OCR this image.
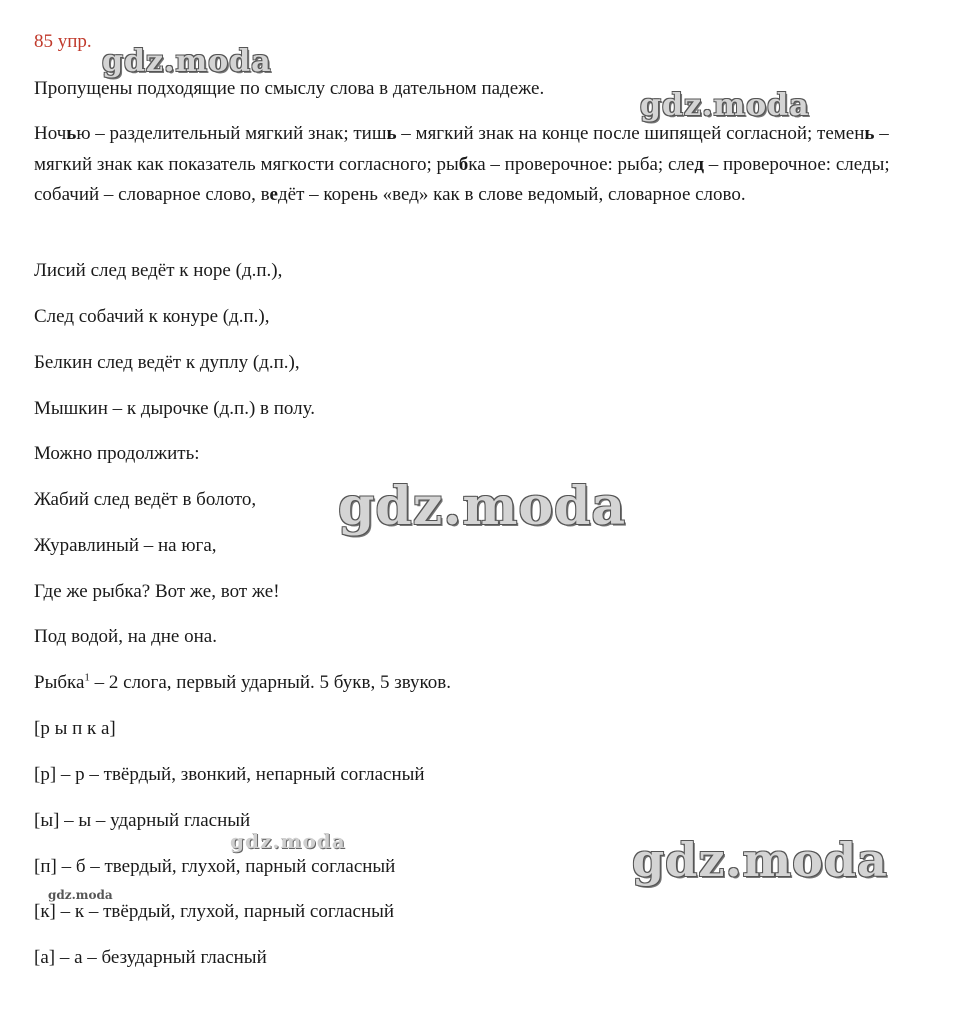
85 упр.

Пропущены подходящие по смыслу слова в дательном падеже.

Ночью – разделительный мягкий знак; тишь – мягкий знак на конце после шипящей согласной; темень – мягкий знак как показатель мягкости согласного; рыбка – проверочное: рыба; след – проверочное: следы; собачий – словарное слово, ведёт – корень «вед» как в слове ведомый, словарное слово.

Лисий след ведёт к норе (д.п.),

След собачий к конуре (д.п.),

Белкин след ведёт к дуплу (д.п.),

Мышкин – к дырочке (д.п.) в полу.

Можно продолжить:

Жабий след ведёт в болото,

Журавлиный – на юга,

Где же рыбка? Вот же, вот же!

Под водой, на дне она.

Рыбка$^1$ – 2 слога, первый ударный. 5 букв, 5 звуков.

[р ы п к а]

[р] – р – твёрдый, звонкий, непарный согласный

[ы] – ы – ударный гласный

[п] – б – твердый, глухой, парный согласный

[к] – к – твёрдый, глухой, парный согласный

[а] – а – безударный гласный

gdz.moda
gdz.moda
gdz.moda
gdz.moda	gdz.moda
gdz.moda
